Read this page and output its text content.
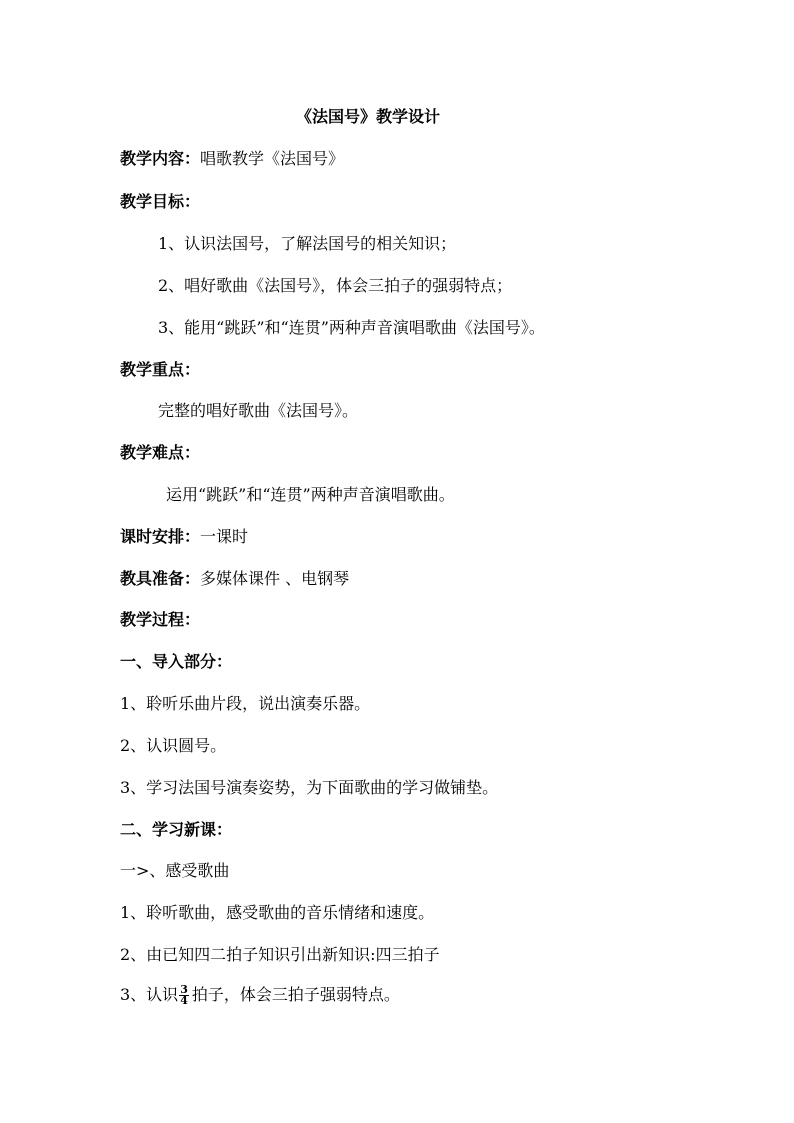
《法国号》教学设计
教学内容：唱歌教学《法国号》
教学目标：
1、认识法国号，了解法国号的相关知识；
2、唱好歌曲《法国号》，体会三拍子的强弱特点；
3、能用“跳跃”和“连贯”两种声音演唱歌曲《法国号》。
教学重点：
完整的唱好歌曲《法国号》。
教学难点：
运用“跳跃”和“连贯”两种声音演唱歌曲。
课时安排：一课时
教具准备：多媒体课件 、电钢琴
教学过程：
一、导入部分：
1、聆听乐曲片段，说出演奏乐器。
2、认识圆号。
3、学习法国号演奏姿势，为下面歌曲的学习做铺垫。
二、学习新课：
一>、感受歌曲
1、聆听歌曲，感受歌曲的音乐情绪和速度。
2、由已知四二拍子知识引出新知识:四三拍子
3、认识 $\frac{3}{4}$ 拍子，体会三拍子强弱特点。
